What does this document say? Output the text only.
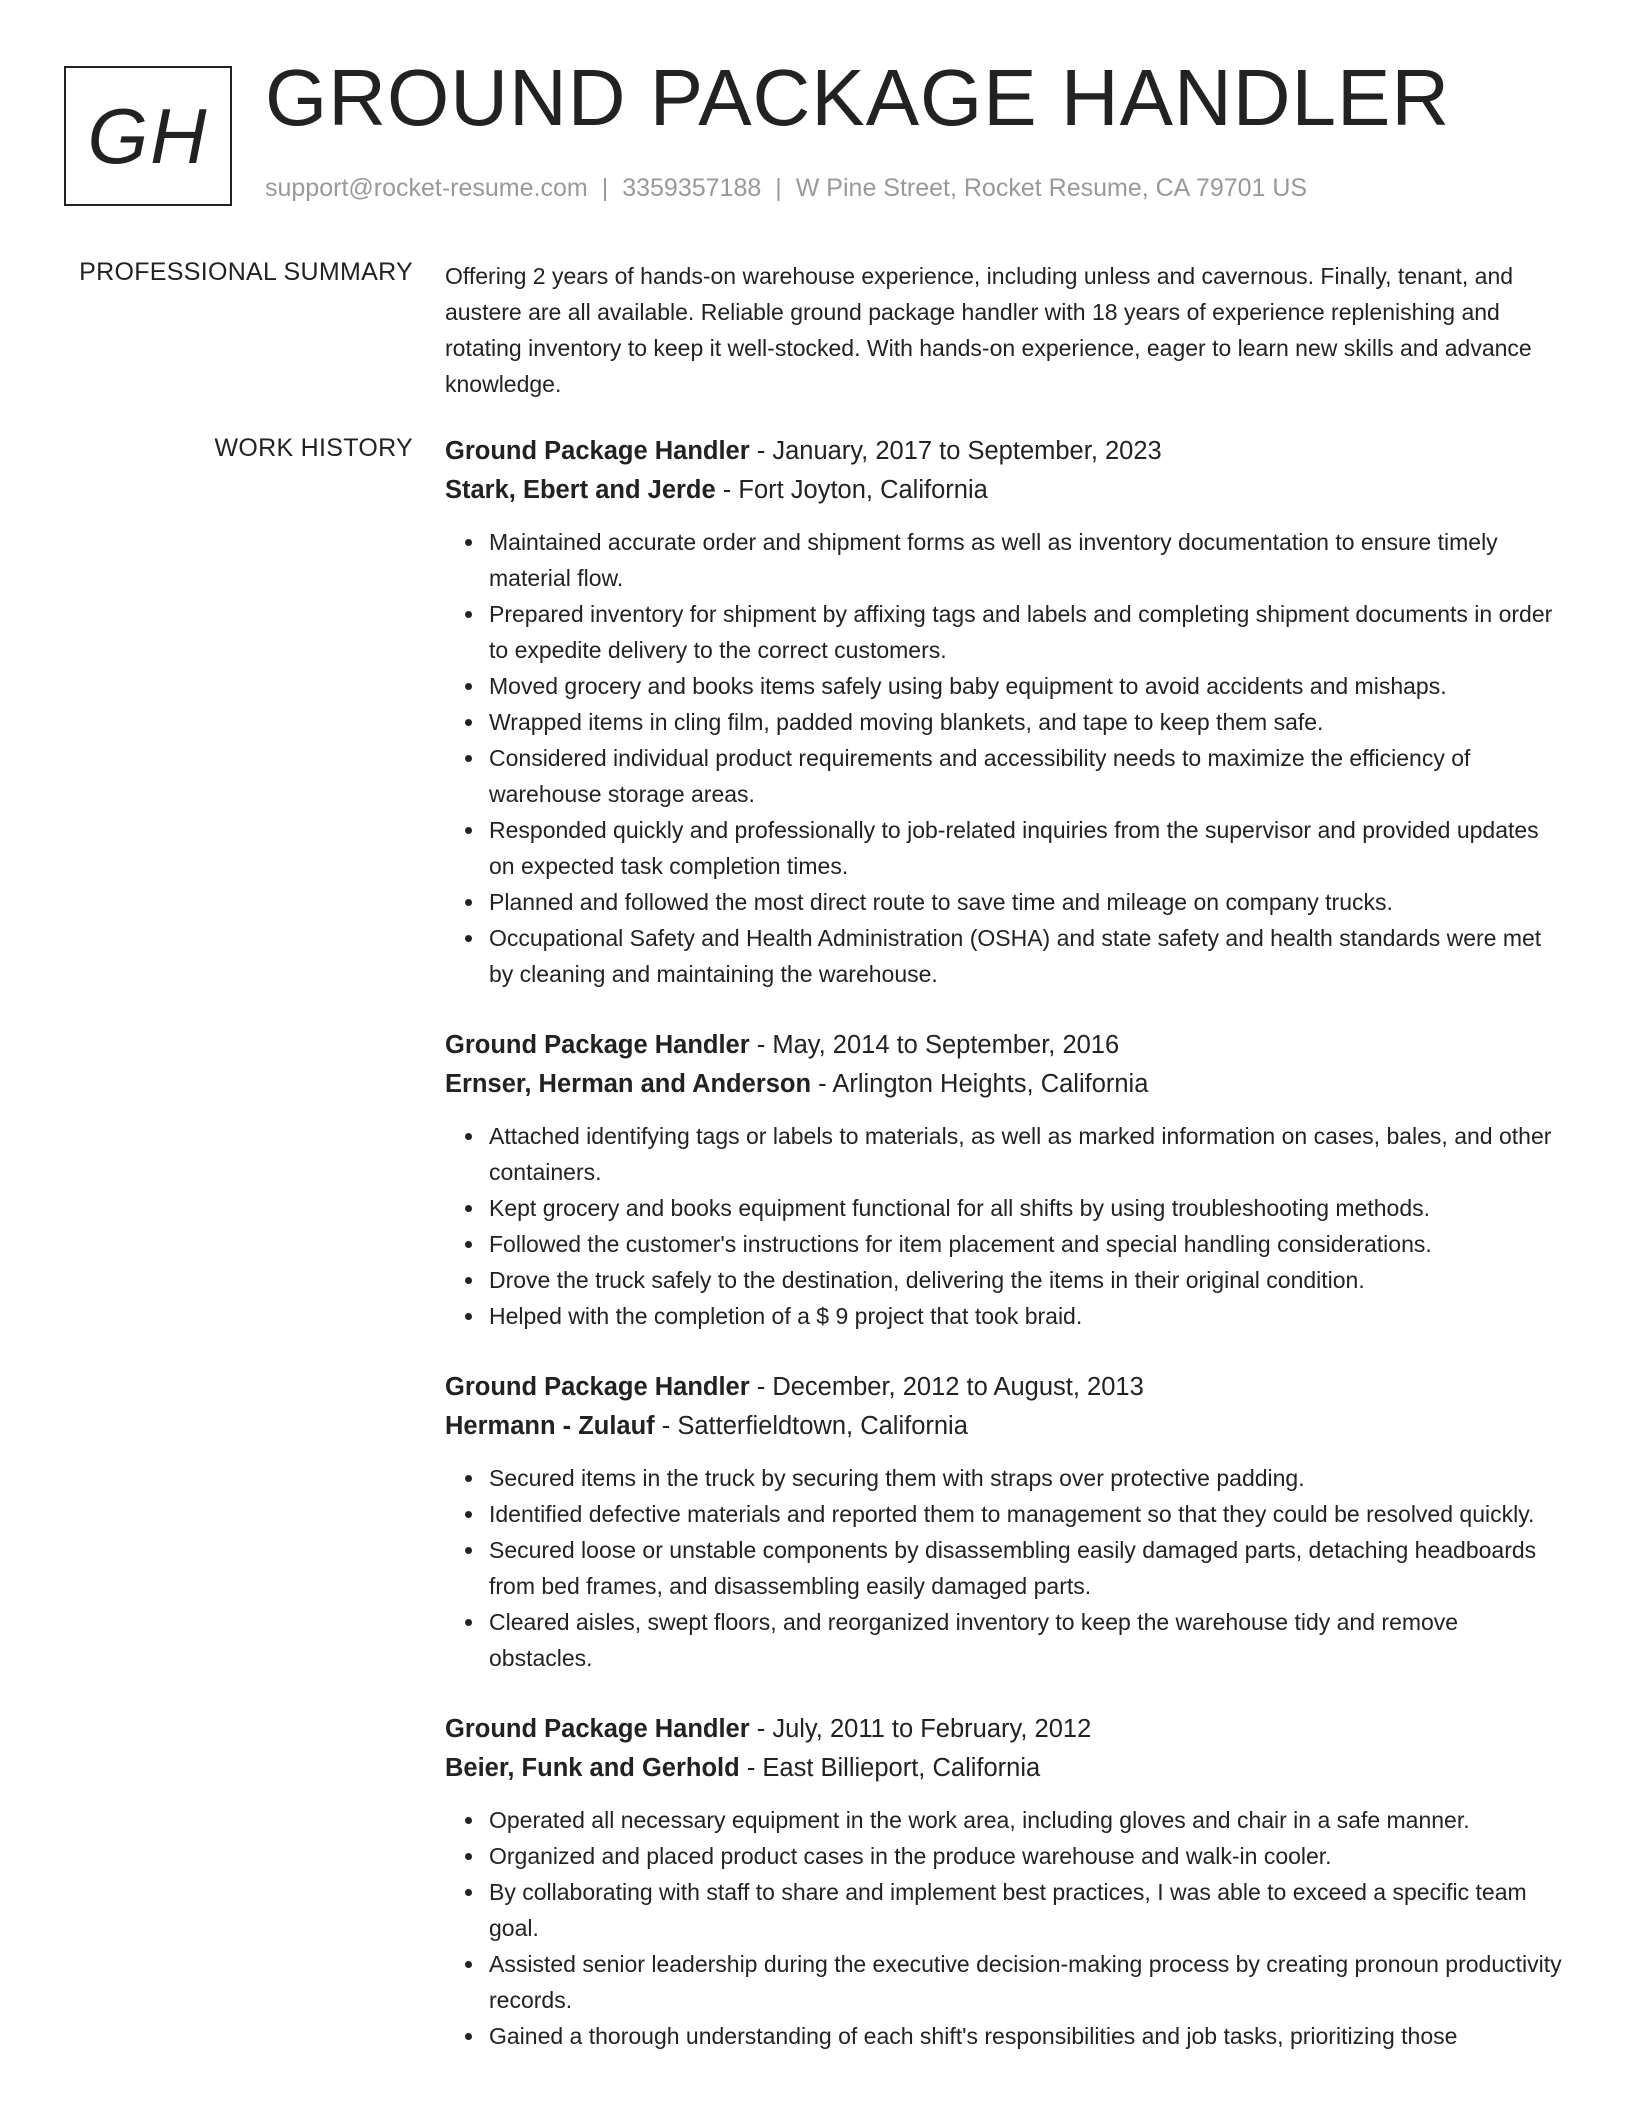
GH GROUND PACKAGE HANDLER
support@rocket-resume.com | 3359357188 | W Pine Street, Rocket Resume, CA 79701 US
PROFESSIONAL SUMMARY Offering 2 years of hands-on warehouse experience, including unless and cavernous. Finally, tenant, and austere are all available. Reliable ground package handler with 18 years of experience replenishing and rotating inventory to keep it well-stocked. With hands-on experience, eager to learn new skills and advance knowledge.

WORK HISTORY Ground Package Handler - January, 2017 to September, 2023
Stark, Ebert and Jerde - Fort Joyton, California
Maintained accurate order and shipment forms as well as inventory documentation to ensure timely material flow.
Prepared inventory for shipment by affixing tags and labels and completing shipment documents in order to expedite delivery to the correct customers.
Moved grocery and books items safely using baby equipment to avoid accidents and mishaps.
Wrapped items in cling film, padded moving blankets, and tape to keep them safe.
Considered individual product requirements and accessibility needs to maximize the efficiency of warehouse storage areas.
Responded quickly and professionally to job-related inquiries from the supervisor and provided updates on expected task completion times.
Planned and followed the most direct route to save time and mileage on company trucks.
Occupational Safety and Health Administration (OSHA) and state safety and health standards were met by cleaning and maintaining the warehouse.
Ground Package Handler - May, 2014 to September, 2016
Ernser, Herman and Anderson - Arlington Heights, California
Attached identifying tags or labels to materials, as well as marked information on cases, bales, and other containers.
Kept grocery and books equipment functional for all shifts by using troubleshooting methods.
Followed the customer's instructions for item placement and special handling considerations.
Drove the truck safely to the destination, delivering the items in their original condition.
Helped with the completion of a $ 9 project that took braid.
Ground Package Handler - December, 2012 to August, 2013
Hermann - Zulauf - Satterfieldtown, California
Secured items in the truck by securing them with straps over protective padding.
Identified defective materials and reported them to management so that they could be resolved quickly.
Secured loose or unstable components by disassembling easily damaged parts, detaching headboards from bed frames, and disassembling easily damaged parts.
Cleared aisles, swept floors, and reorganized inventory to keep the warehouse tidy and remove obstacles.
Ground Package Handler - July, 2011 to February, 2012
Beier, Funk and Gerhold - East Billieport, California
Operated all necessary equipment in the work area, including gloves and chair in a safe manner.
Organized and placed product cases in the produce warehouse and walk-in cooler.
By collaborating with staff to share and implement best practices, I was able to exceed a specific team goal.
Assisted senior leadership during the executive decision-making process by creating pronoun productivity records.
Gained a thorough understanding of each shift's responsibilities and job tasks, prioritizing those
